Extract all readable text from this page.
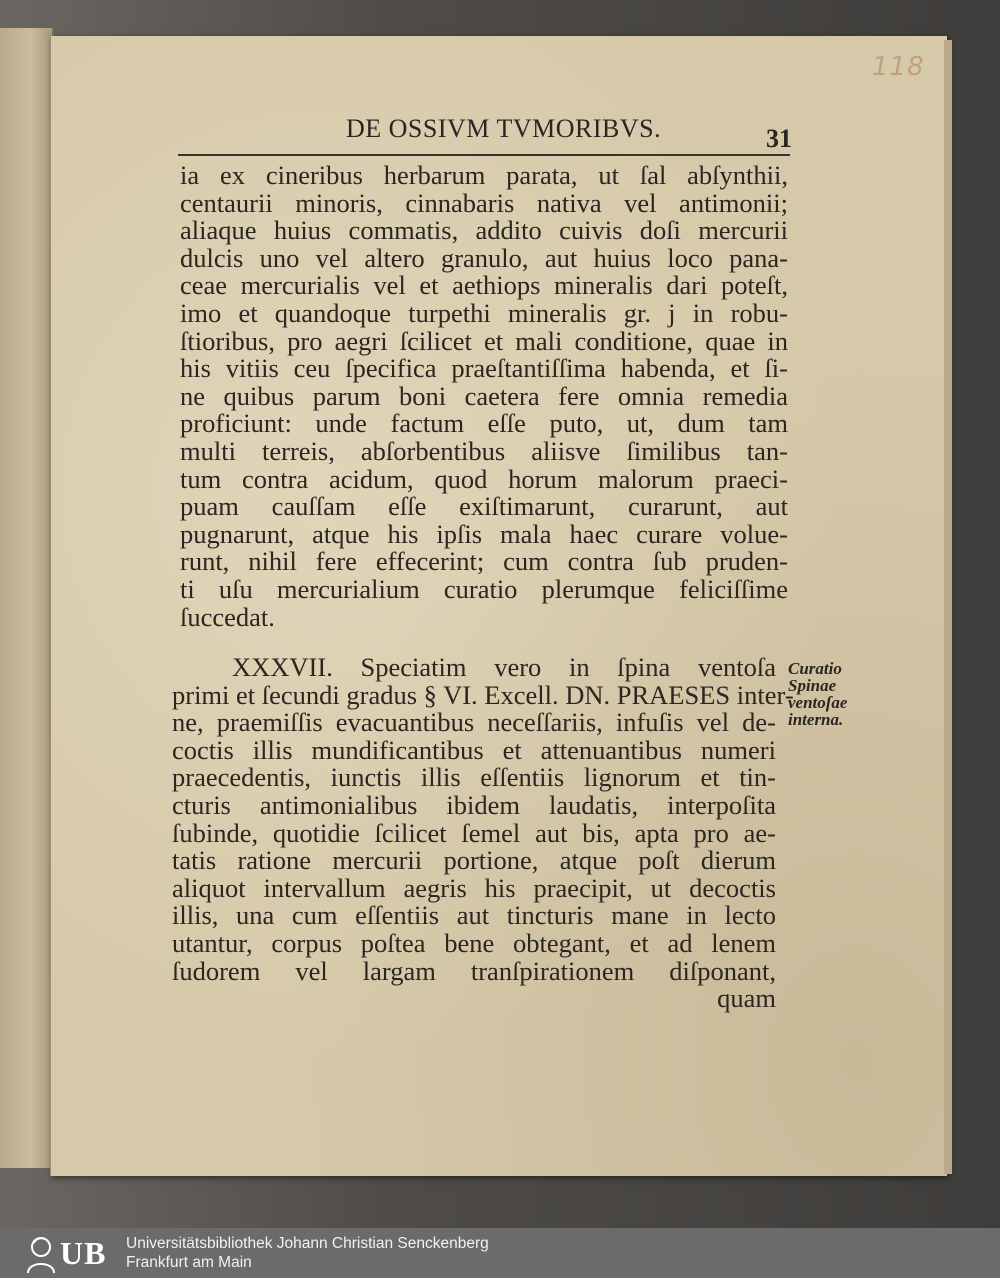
118
DE OSSIVM TVMORIBVS.	31
ia ex cineribus herbarum parata, ut ſal abſynthii,
centaurii minoris, cinnabaris nativa vel antimonii;
aliaque huius commatis, addito cuivis doſi mercurii
dulcis uno vel altero granulo, aut huius loco pana-
ceae mercurialis vel et aethiops mineralis dari poteſt,
imo et quandoque turpethi mineralis gr. j in robu-
ſtioribus, pro aegri ſcilicet et mali conditione, quae in
his vitiis ceu ſpecifica praeſtantiſſima habenda, et ſi-
ne quibus parum boni caetera fere omnia remedia
proficiunt: unde factum eſſe puto, ut, dum tam
multi terreis, abſorbentibus aliisve ſimilibus tan-
tum contra acidum, quod horum malorum praeci-
puam cauſſam eſſe exiſtimarunt, curarunt, aut
pugnarunt, atque his ipſis mala haec curare volue-
runt, nihil fere effecerint; cum contra ſub pruden-
ti uſu mercurialium curatio plerumque feliciſſime
ſuccedat.
XXXVII. Speciatim vero in ſpina ventoſa
primi et ſecundi gradus § VI. Excell. DN. PRAESES inter-
ne, praemiſſis evacuantibus neceſſariis, infuſis vel de-
coctis illis mundificantibus et attenuantibus numeri
praecedentis, iunctis illis eſſentiis lignorum et tin-
cturis antimonialibus ibidem laudatis, interpoſita
ſubinde, quotidie ſcilicet ſemel aut bis, apta pro ae-
tatis ratione mercurii portione, atque poſt dierum
aliquot intervallum aegris his praecipit, ut decoctis
illis, una cum eſſentiis aut tincturis mane in lecto
utantur, corpus poſtea bene obtegant, et ad lenem
ſudorem vel largam tranſpirationem diſponant,
quam
Curatio
Spinae
ventoſae
interna.
UB Universitätsbibliothek Johann Christian Senckenberg
Frankfurt am Main
